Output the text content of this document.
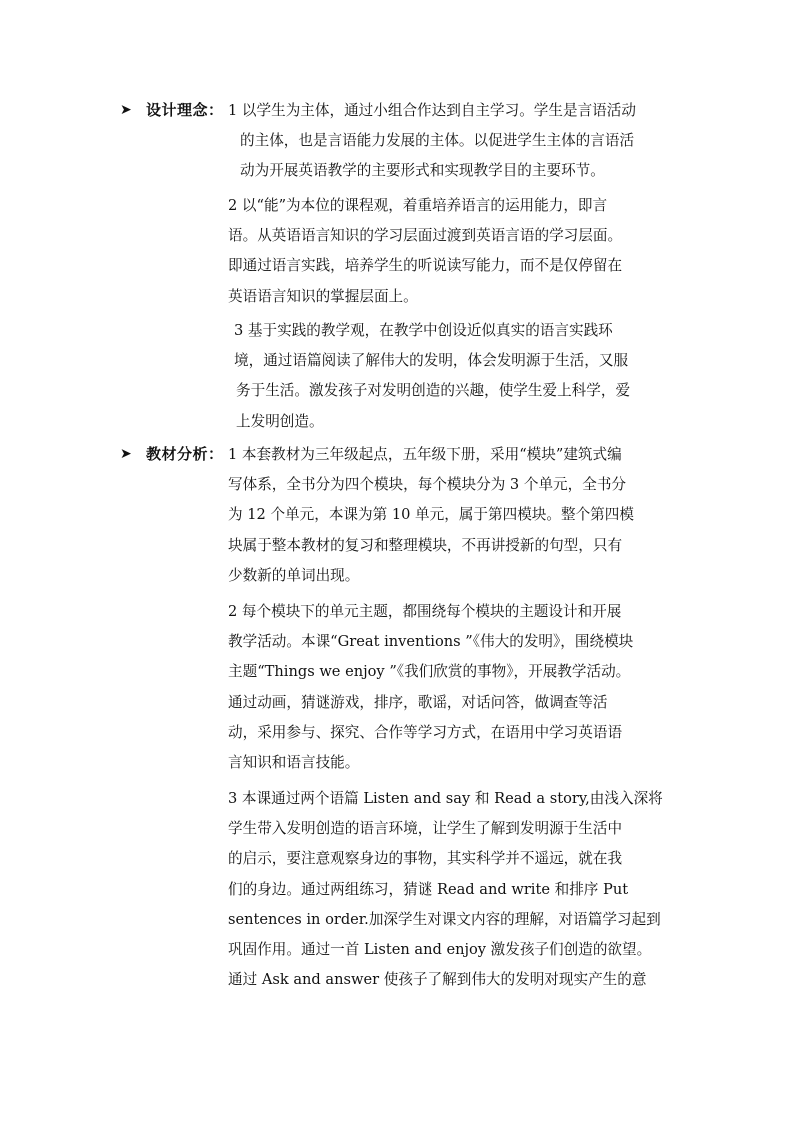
➤ 设计理念： 1 以学生为主体，通过小组合作达到自主学习。学生是言语活动
的主体，也是言语能力发展的主体。以促进学生主体的言语活
动为开展英语教学的主要形式和实现教学目的主要环节。
2 以“能”为本位的课程观，着重培养语言的运用能力，即言
语。从英语语言知识的学习层面过渡到英语言语的学习层面。
即通过语言实践，培养学生的听说读写能力，而不是仅停留在
英语语言知识的掌握层面上。
3 基于实践的教学观，在教学中创设近似真实的语言实践环
境，通过语篇阅读了解伟大的发明，体会发明源于生活，又服
务于生活。激发孩子对发明创造的兴趣，使学生爱上科学，爱
上发明创造。
➤ 教材分析： 1 本套教材为三年级起点，五年级下册，采用“模块”建筑式编
写体系，全书分为四个模块，每个模块分为 3 个单元，全书分
为 12 个单元，本课为第 10 单元，属于第四模块。整个第四模
块属于整本教材的复习和整理模块，不再讲授新的句型，只有
少数新的单词出现。
2 每个模块下的单元主题，都围绕每个模块的主题设计和开展
教学活动。本课“Great inventions ”《伟大的发明》，围绕模块
主题“Things we enjoy ”《我们欣赏的事物》，开展教学活动。
通过动画，猜谜游戏，排序，歌谣，对话问答，做调查等活
动，采用参与、探究、合作等学习方式，在语用中学习英语语
言知识和语言技能。
3 本课通过两个语篇 Listen and say 和 Read a story,由浅入深将
学生带入发明创造的语言环境，让学生了解到发明源于生活中
的启示，要注意观察身边的事物，其实科学并不遥远，就在我
们的身边。通过两组练习，猜谜 Read and write 和排序 Put
sentences in order.加深学生对课文内容的理解，对语篇学习起到
巩固作用。通过一首 Listen and enjoy 激发孩子们创造的欲望。
通过 Ask and answer 使孩子了解到伟大的发明对现实产生的意
